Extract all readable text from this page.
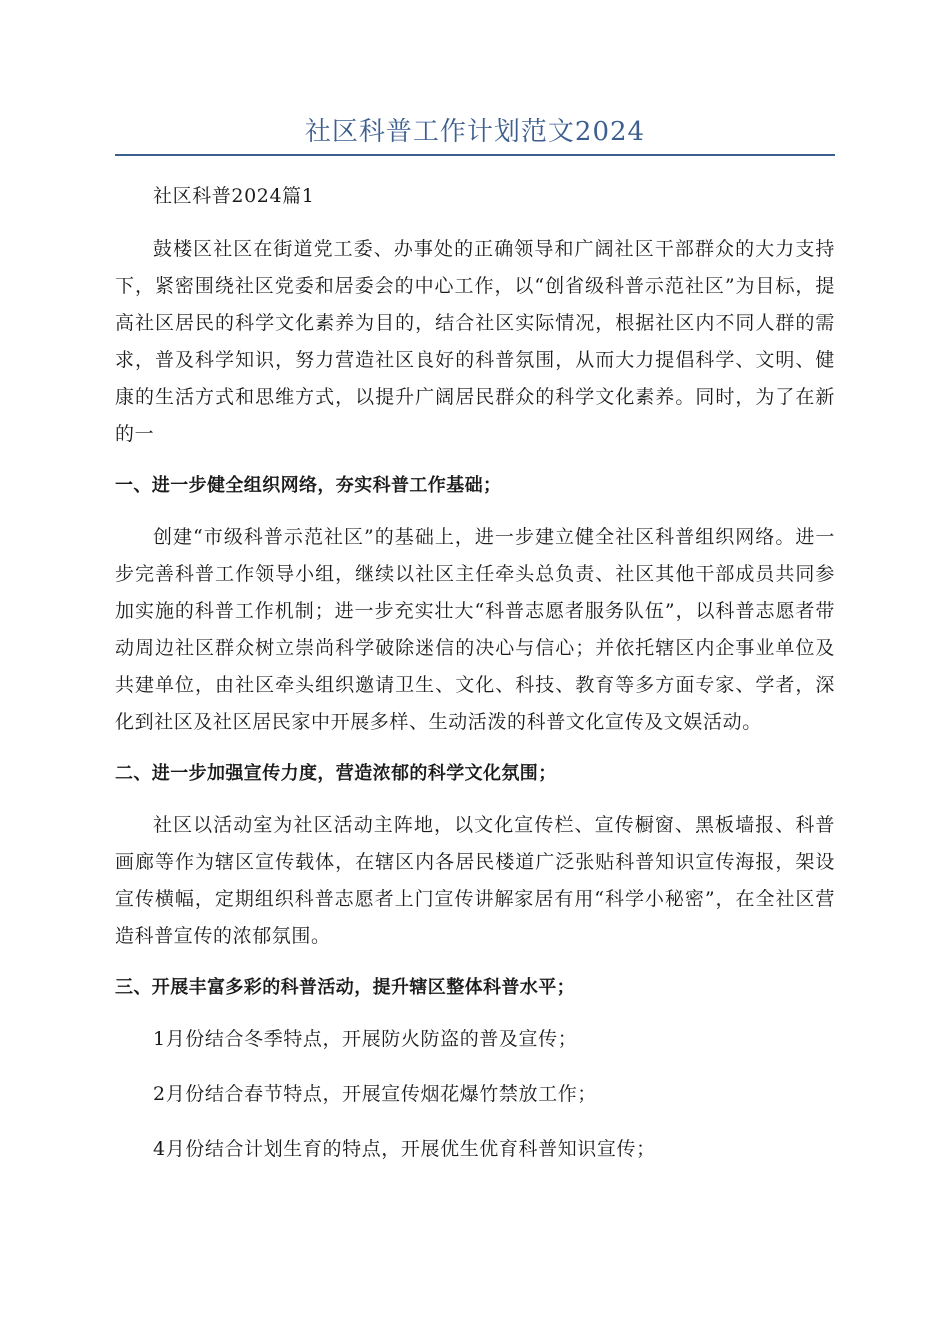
社区科普工作计划范文2024

社区科普2024篇1

鼓楼区社区在街道党工委、办事处的正确领导和广阔社区干部群众的大力支持下，紧密围绕社区党委和居委会的中心工作，以“创省级科普示范社区”为目标，提高社区居民的科学文化素养为目的，结合社区实际情况，根据社区内不同人群的需求，普及科学知识，努力营造社区良好的科普氛围，从而大力提倡科学、文明、健康的生活方式和思维方式，以提升广阔居民群众的科学文化素养。同时，为了在新的一

一、进一步健全组织网络，夯实科普工作基础；

创建“市级科普示范社区”的基础上，进一步建立健全社区科普组织网络。进一步完善科普工作领导小组，继续以社区主任牵头总负责、社区其他干部成员共同参加实施的科普工作机制；进一步充实壮大“科普志愿者服务队伍”，以科普志愿者带动周边社区群众树立崇尚科学破除迷信的决心与信心；并依托辖区内企事业单位及共建单位，由社区牵头组织邀请卫生、文化、科技、教育等多方面专家、学者，深化到社区及社区居民家中开展多样、生动活泼的科普文化宣传及文娱活动。

二、进一步加强宣传力度，营造浓郁的科学文化氛围；

社区以活动室为社区活动主阵地，以文化宣传栏、宣传橱窗、黑板墙报、科普画廊等作为辖区宣传载体，在辖区内各居民楼道广泛张贴科普知识宣传海报，架设宣传横幅，定期组织科普志愿者上门宣传讲解家居有用“科学小秘密”，在全社区营造科普宣传的浓郁氛围。

三、开展丰富多彩的科普活动，提升辖区整体科普水平；

1月份结合冬季特点，开展防火防盗的普及宣传；

2月份结合春节特点，开展宣传烟花爆竹禁放工作；

4月份结合计划生育的特点，开展优生优育科普知识宣传；
